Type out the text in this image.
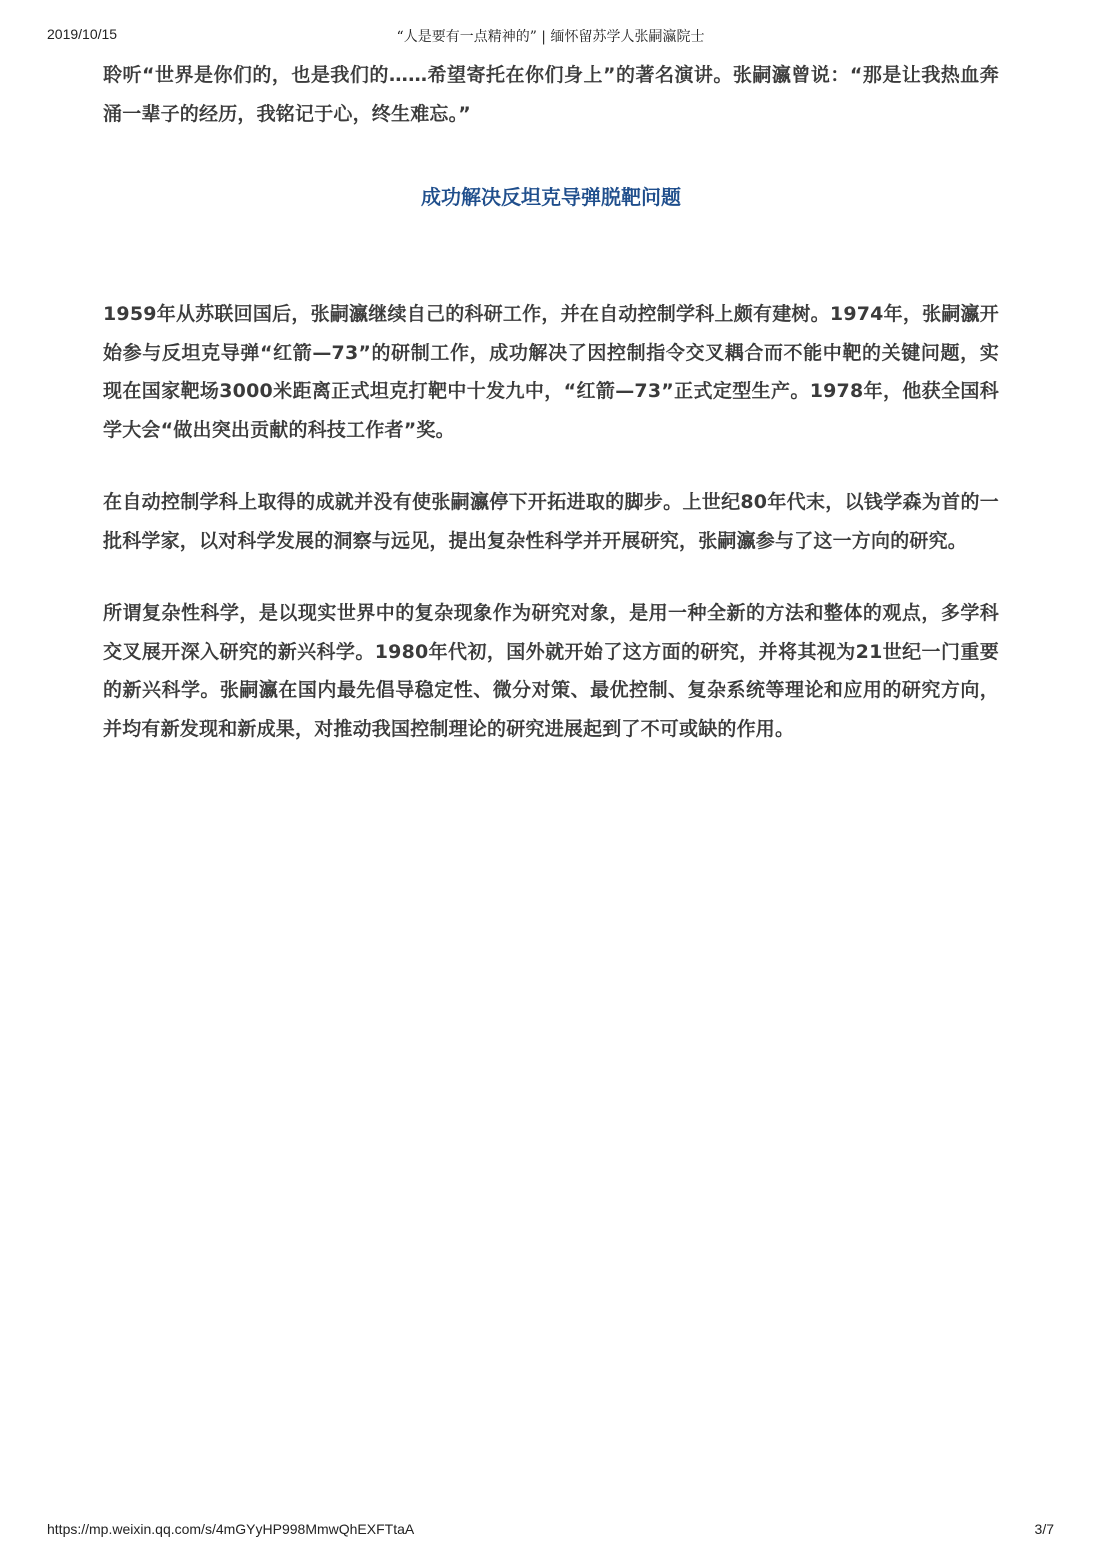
2019/10/15	“人是要有一点精神的” | 缅怀留苏学人张嗣瀛院士

聆听“世界是你们的，也是我们的……希望寄托在你们身上”的著名演讲。张嗣瀛曾说：“那是让我热血奔涌一辈子的经历，我铭记于心，终生难忘。”

成功解决反坦克导弹脱靶问题

1959年从苏联回国后，张嗣瀛继续自己的科研工作，并在自动控制学科上颇有建树。1974年，张嗣瀛开始参与反坦克导弹“红箭—73”的研制工作，成功解决了因控制指令交叉耦合而不能中靶的关键问题，实现在国家靶场3000米距离正式坦克打靶中十发九中，“红箭—73”正式定型生产。1978年，他获全国科学大会“做出突出贡献的科技工作者”奖。

在自动控制学科上取得的成就并没有使张嗣瀛停下开拓进取的脚步。上世纪80年代末，以钱学森为首的一批科学家，以对科学发展的洞察与远见，提出复杂性科学并开展研究，张嗣瀛参与了这一方向的研究。

所谓复杂性科学，是以现实世界中的复杂现象作为研究对象，是用一种全新的方法和整体的观点，多学科交叉展开深入研究的新兴科学。1980年代初，国外就开始了这方面的研究，并将其视为21世纪一门重要的新兴科学。张嗣瀛在国内最先倡导稳定性、微分对策、最优控制、复杂系统等理论和应用的研究方向，并均有新发现和新成果，对推动我国控制理论的研究进展起到了不可或缺的作用。

https://mp.weixin.qq.com/s/4mGYyHP998MmwQhEXFTtaA	3/7
